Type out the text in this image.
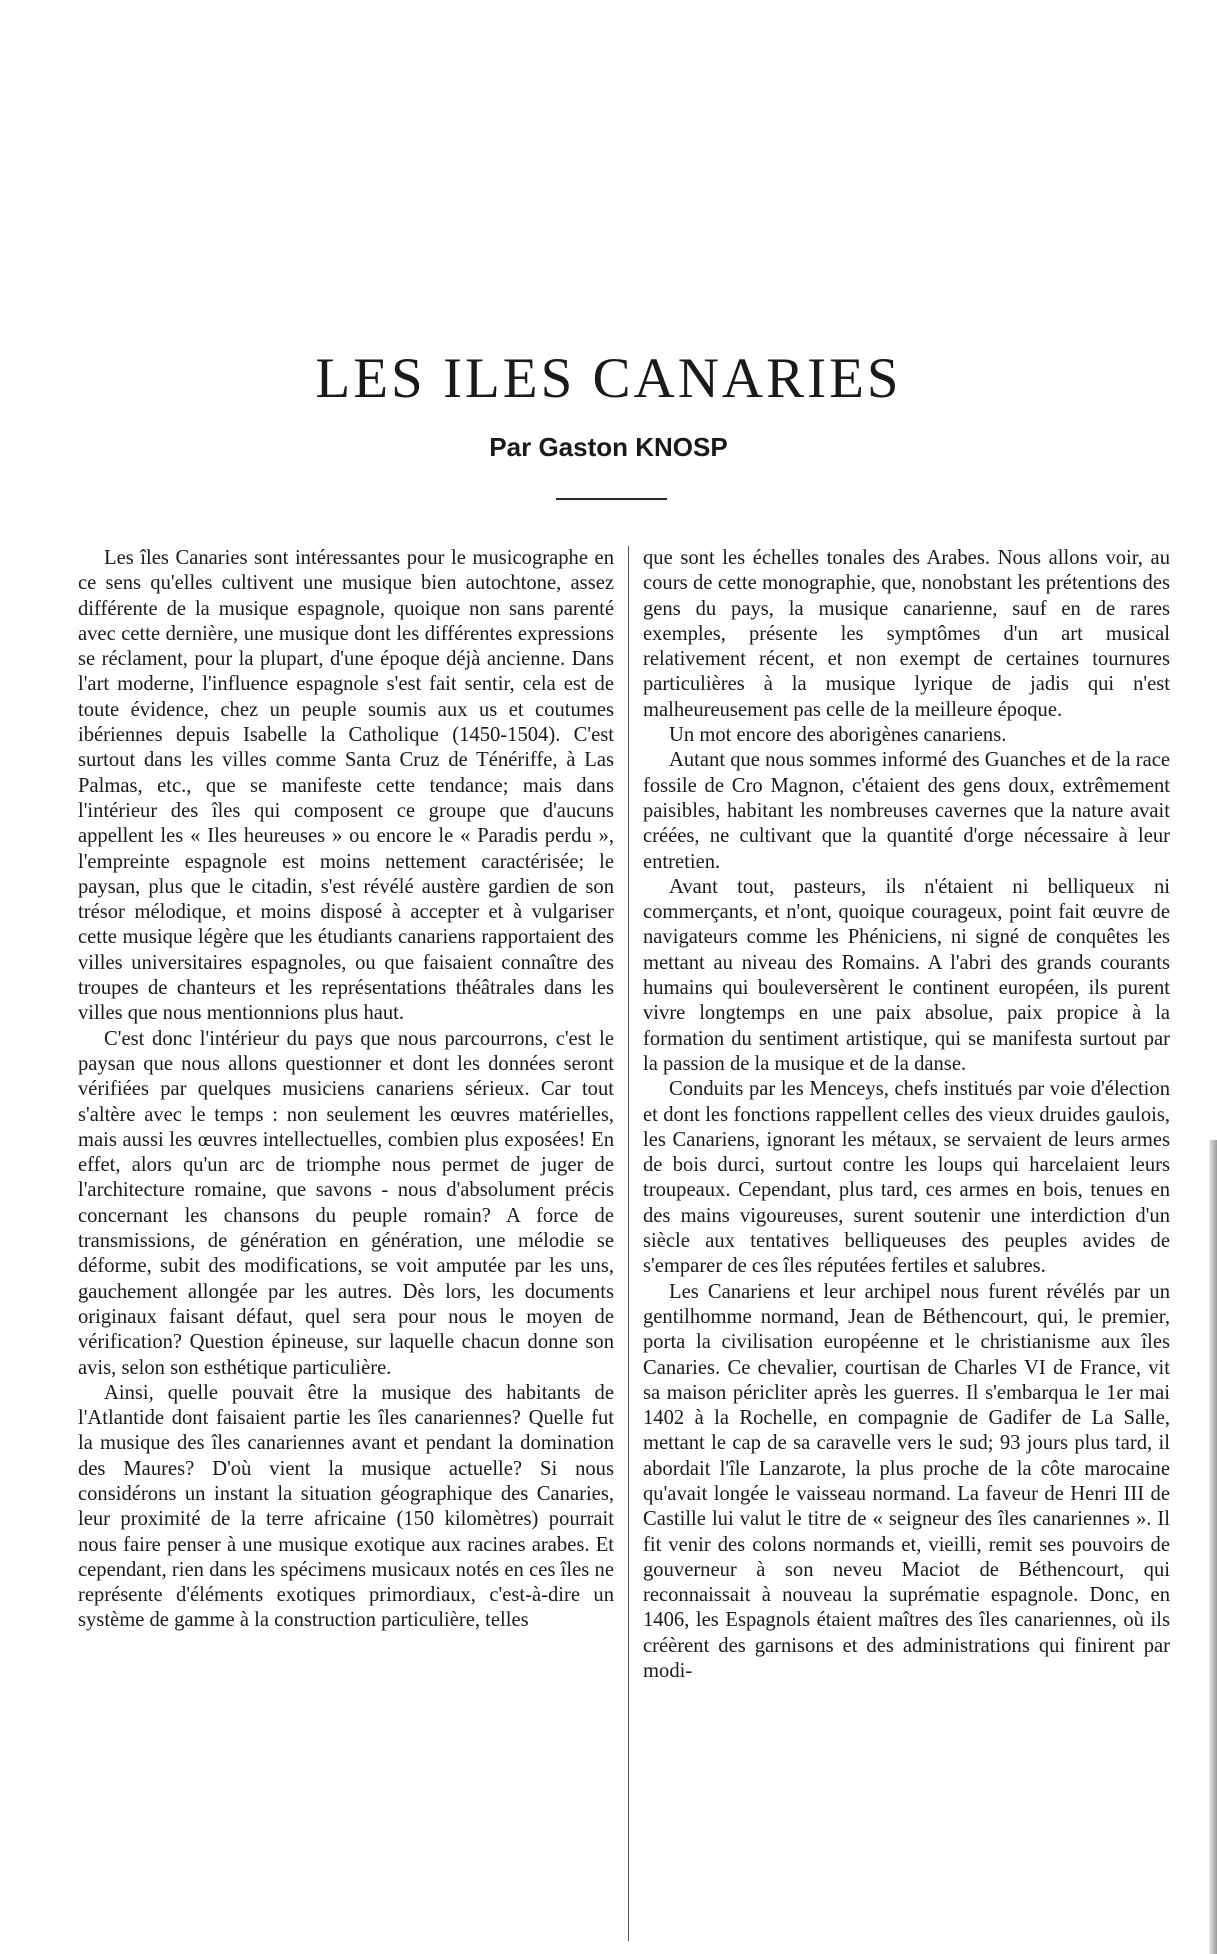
LES ILES CANARIES

Par Gaston KNOSP

Les îles Canaries sont intéressantes pour le musicographe en ce sens qu'elles cultivent une musique bien autochtone, assez différente de la musique espagnole, quoique non sans parenté avec cette dernière, une musique dont les différentes expressions se réclament, pour la plupart, d'une époque déjà ancienne. Dans l'art moderne, l'influence espagnole s'est fait sentir, cela est de toute évidence, chez un peuple soumis aux us et coutumes ibériennes depuis Isabelle la Catholique (1450-1504). C'est surtout dans les villes comme Santa Cruz de Ténériffe, à Las Palmas, etc., que se manifeste cette tendance; mais dans l'intérieur des îles qui composent ce groupe que d'aucuns appellent les « Iles heureuses » ou encore le « Paradis perdu », l'empreinte espagnole est moins nettement caractérisée; le paysan, plus que le citadin, s'est révélé austère gardien de son trésor mélodique, et moins disposé à accepter et à vulgariser cette musique légère que les étudiants canariens rapportaient des villes universitaires espagnoles, ou que faisaient connaître des troupes de chanteurs et les représentations théâtrales dans les villes que nous mentionnions plus haut.

C'est donc l'intérieur du pays que nous parcourrons, c'est le paysan que nous allons questionner et dont les données seront vérifiées par quelques musiciens canariens sérieux. Car tout s'altère avec le temps : non seulement les œuvres matérielles, mais aussi les œuvres intellectuelles, combien plus exposées! En effet, alors qu'un arc de triomphe nous permet de juger de l'architecture romaine, que savons - nous d'absolument précis concernant les chansons du peuple romain? A force de transmissions, de génération en génération, une mélodie se déforme, subit des modifications, se voit amputée par les uns, gauchement allongée par les autres. Dès lors, les documents originaux faisant défaut, quel sera pour nous le moyen de vérification? Question épineuse, sur laquelle chacun donne son avis, selon son esthétique particulière.

Ainsi, quelle pouvait être la musique des habitants de l'Atlantide dont faisaient partie les îles canariennes? Quelle fut la musique des îles canariennes avant et pendant la domination des Maures? D'où vient la musique actuelle? Si nous considérons un instant la situation géographique des Canaries, leur proximité de la terre africaine (150 kilomètres) pourrait nous faire penser à une musique exotique aux racines arabes. Et cependant, rien dans les spécimens musicaux notés en ces îles ne représente d'éléments exotiques primordiaux, c'est-à-dire un système de gamme à la construction particulière, telles

que sont les échelles tonales des Arabes. Nous allons voir, au cours de cette monographie, que, nonobstant les prétentions des gens du pays, la musique canarienne, sauf en de rares exemples, présente les symptômes d'un art musical relativement récent, et non exempt de certaines tournures particulières à la musique lyrique de jadis qui n'est malheureusement pas celle de la meilleure époque.

Un mot encore des aborigènes canariens.

Autant que nous sommes informé des Guanches et de la race fossile de Cro Magnon, c'étaient des gens doux, extrêmement paisibles, habitant les nombreuses cavernes que la nature avait créées, ne cultivant que la quantité d'orge nécessaire à leur entretien.

Avant tout, pasteurs, ils n'étaient ni belliqueux ni commerçants, et n'ont, quoique courageux, point fait œuvre de navigateurs comme les Phéniciens, ni signé de conquêtes les mettant au niveau des Romains. A l'abri des grands courants humains qui bouleversèrent le continent européen, ils purent vivre longtemps en une paix absolue, paix propice à la formation du sentiment artistique, qui se manifesta surtout par la passion de la musique et de la danse.

Conduits par les Menceys, chefs institués par voie d'élection et dont les fonctions rappellent celles des vieux druides gaulois, les Canariens, ignorant les métaux, se servaient de leurs armes de bois durci, surtout contre les loups qui harcelaient leurs troupeaux. Cependant, plus tard, ces armes en bois, tenues en des mains vigoureuses, surent soutenir une interdiction d'un siècle aux tentatives belliqueuses des peuples avides de s'emparer de ces îles réputées fertiles et salubres.

Les Canariens et leur archipel nous furent révélés par un gentilhomme normand, Jean de Béthencourt, qui, le premier, porta la civilisation européenne et le christianisme aux îles Canaries. Ce chevalier, courtisan de Charles VI de France, vit sa maison péricliter après les guerres. Il s'embarqua le 1er mai 1402 à la Rochelle, en compagnie de Gadifer de La Salle, mettant le cap de sa caravelle vers le sud; 93 jours plus tard, il abordait l'île Lanzarote, la plus proche de la côte marocaine qu'avait longée le vaisseau normand. La faveur de Henri III de Castille lui valut le titre de « seigneur des îles canariennes ». Il fit venir des colons normands et, vieilli, remit ses pouvoirs de gouverneur à son neveu Maciot de Béthencourt, qui reconnaissait à nouveau la suprématie espagnole. Donc, en 1406, les Espagnols étaient maîtres des îles canariennes, où ils créèrent des garnisons et des administrations qui finirent par modi-
